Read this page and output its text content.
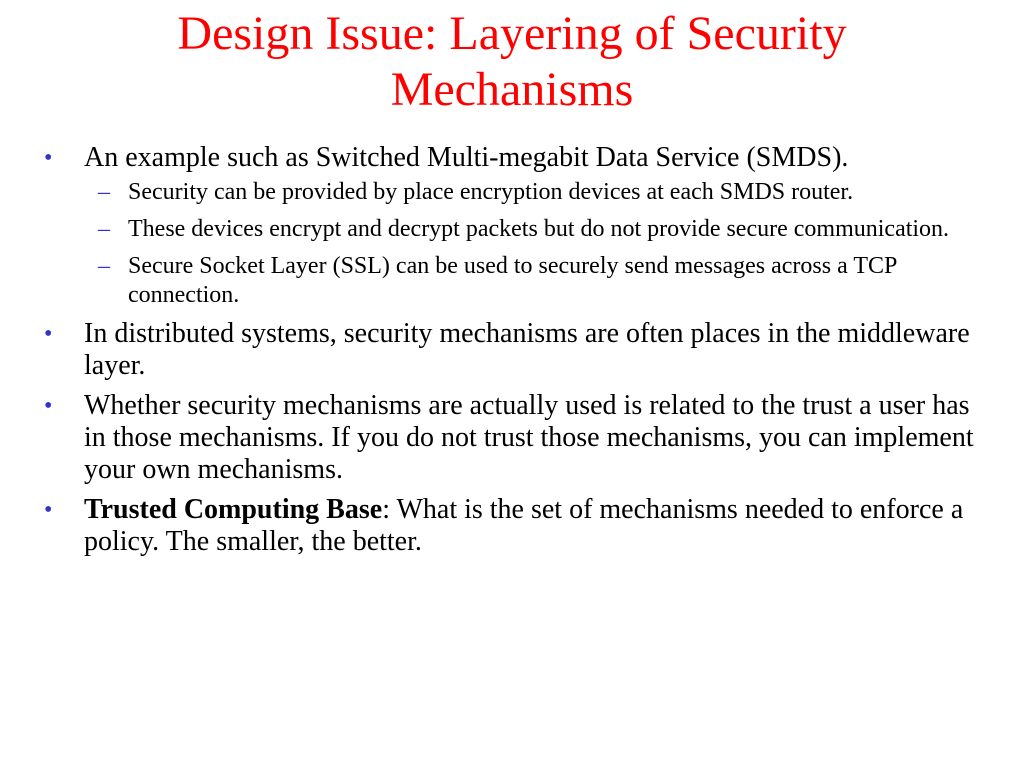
Design Issue: Layering of Security
Mechanisms
•	An example such as Switched Multi-megabit Data Service (SMDS).
– Security can be provided by place encryption devices at each SMDS router.
– These devices encrypt and decrypt packets but do not provide secure communication.
– Secure Socket Layer (SSL) can be used to securely send messages across a TCP connection.
•	In distributed systems, security mechanisms are often places in the middleware layer.
•	Whether security mechanisms are actually used is related to the trust a user has in those mechanisms. If you do not trust those mechanisms, you can implement your own mechanisms.
•	Trusted Computing Base: What is the set of mechanisms needed to enforce a policy. The smaller, the better.
